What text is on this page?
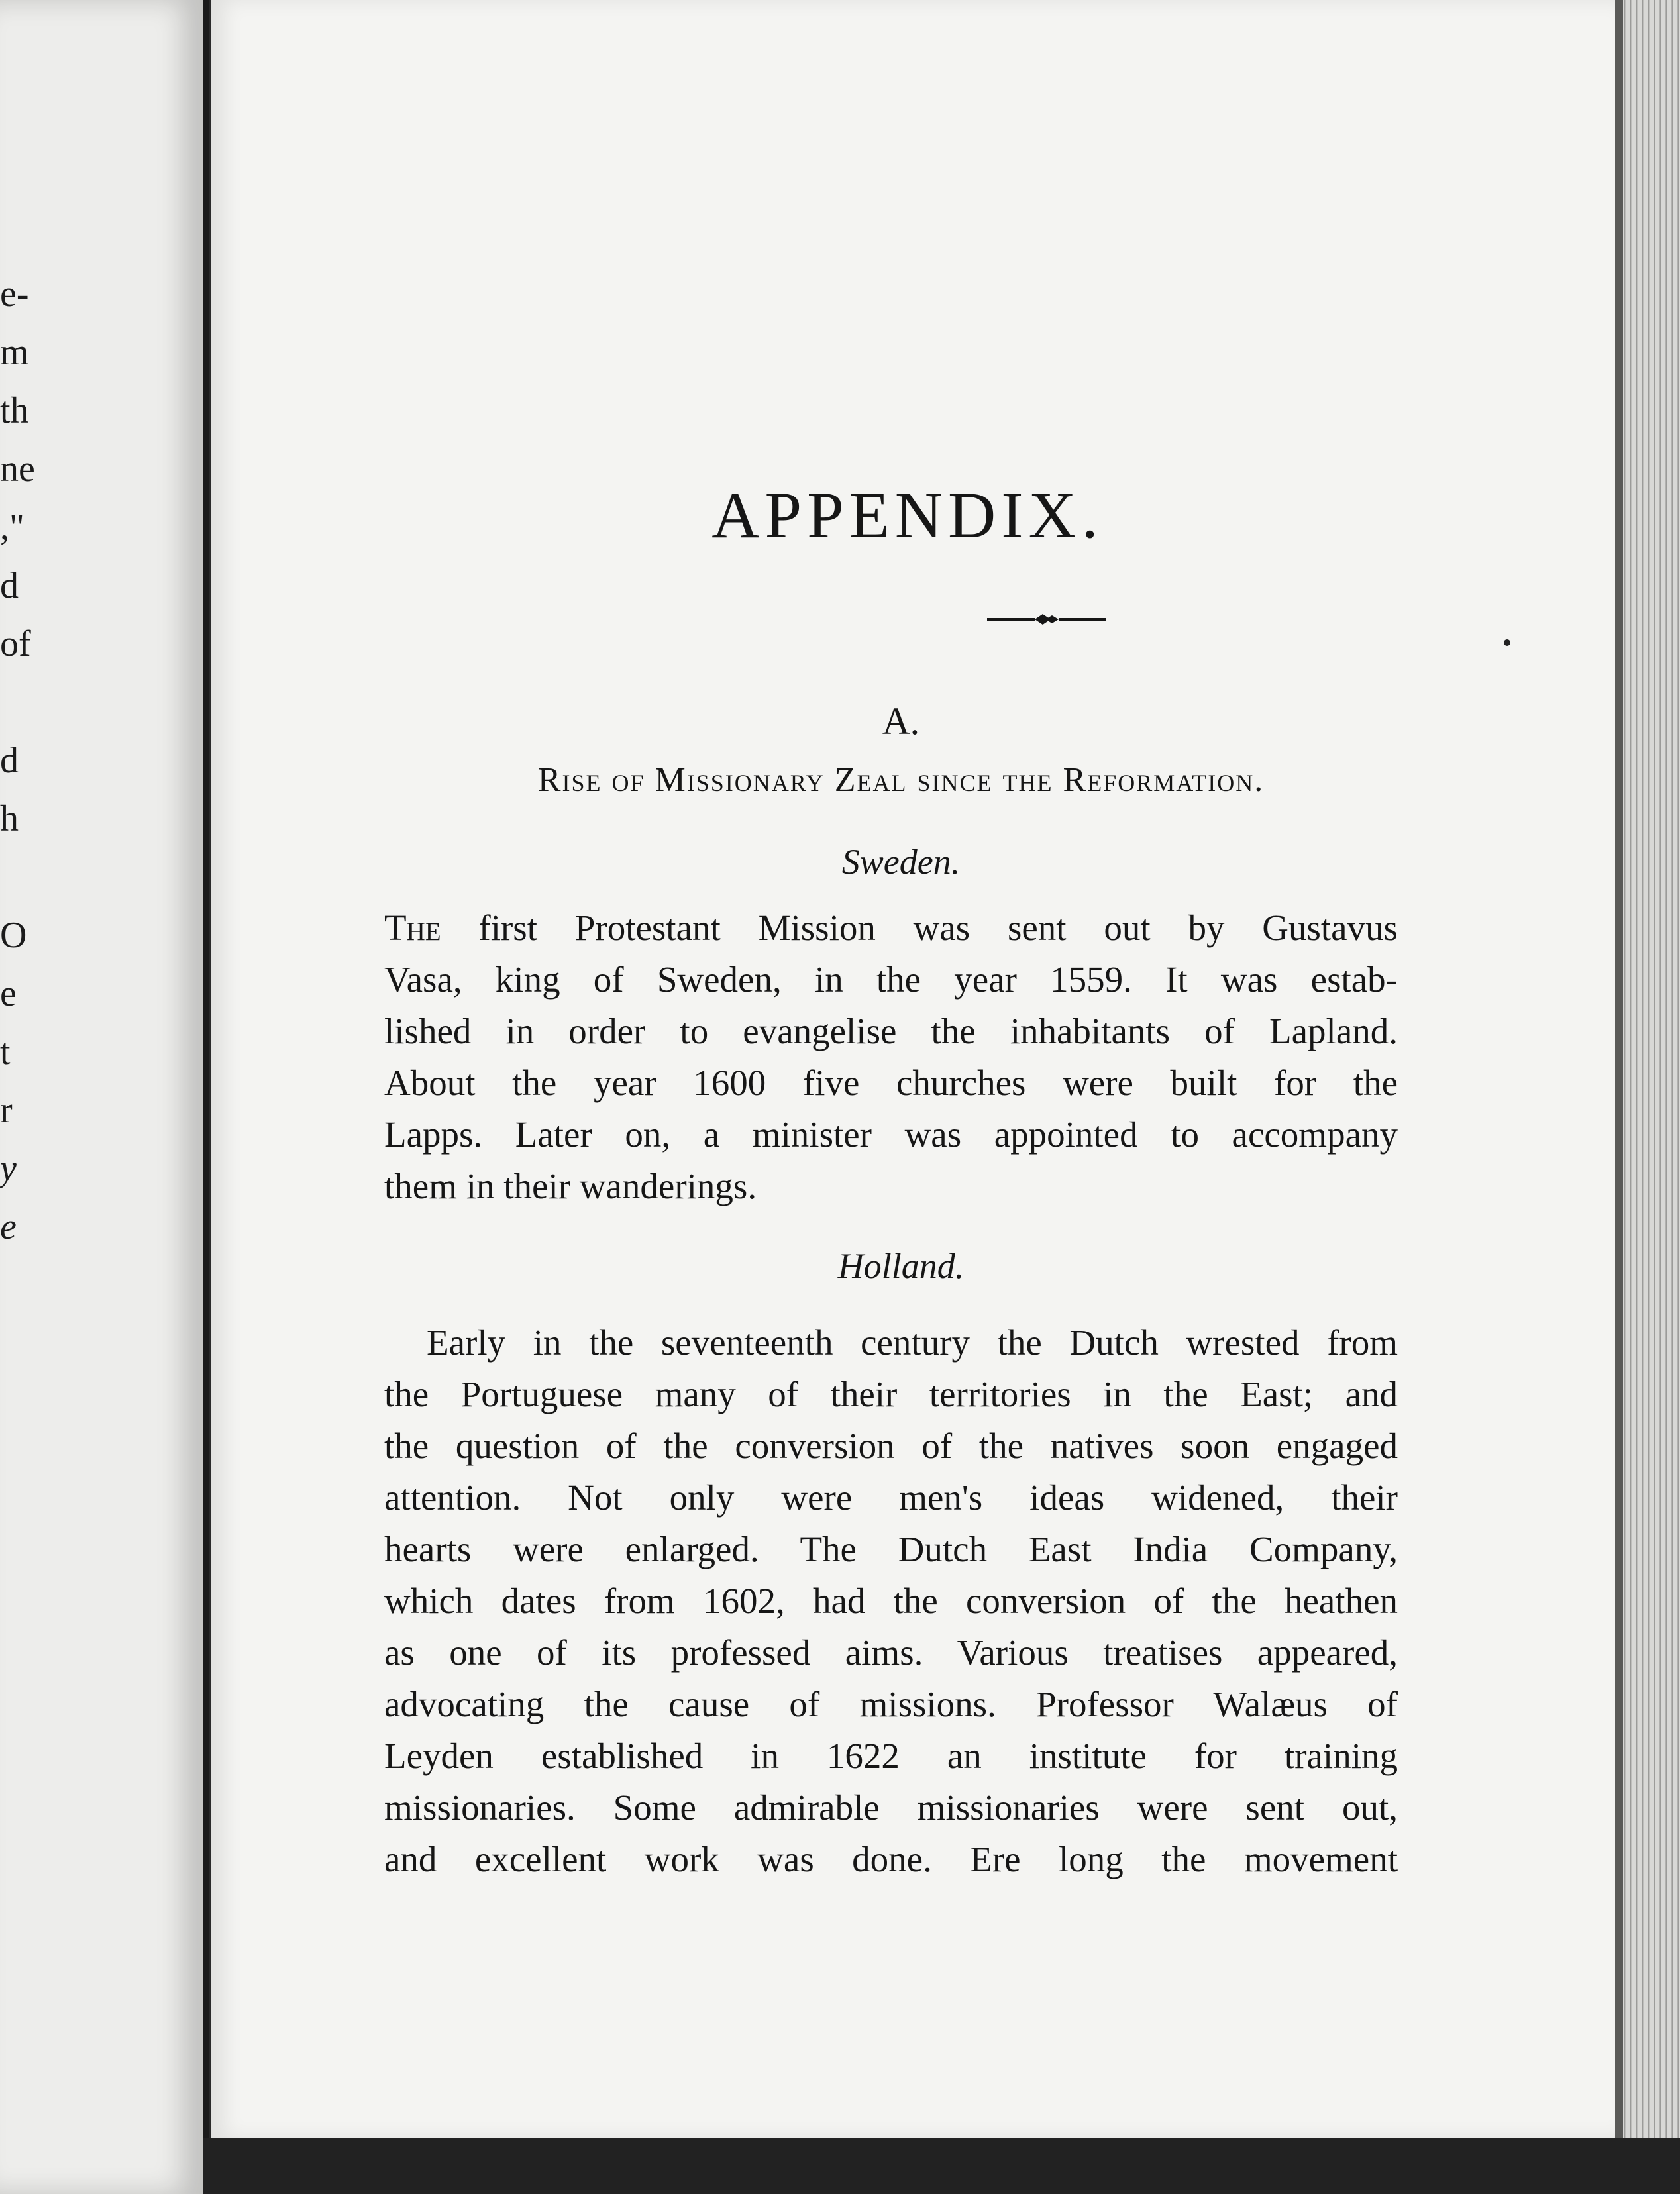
e-
m
th
ne
,"
d
of
d
h
O
e
t
r
y
e
APPENDIX.
A.
Rise of Missionary Zeal since the Reformation.
Sweden.
The first Protestant Mission was sent out by Gustavus
Vasa, king of Sweden, in the year 1559. It was estab-
lished in order to evangelise the inhabitants of Lapland.
About the year 1600 five churches were built for the
Lapps. Later on, a minister was appointed to accompany
them in their wanderings.
Holland.
Early in the seventeenth century the Dutch wrested from
the Portuguese many of their territories in the East; and
the question of the conversion of the natives soon engaged
attention. Not only were men's ideas widened, their
hearts were enlarged. The Dutch East India Company,
which dates from 1602, had the conversion of the heathen
as one of its professed aims. Various treatises appeared,
advocating the cause of missions. Professor Walæus of
Leyden established in 1622 an institute for training
missionaries. Some admirable missionaries were sent out,
and excellent work was done. Ere long the movement
